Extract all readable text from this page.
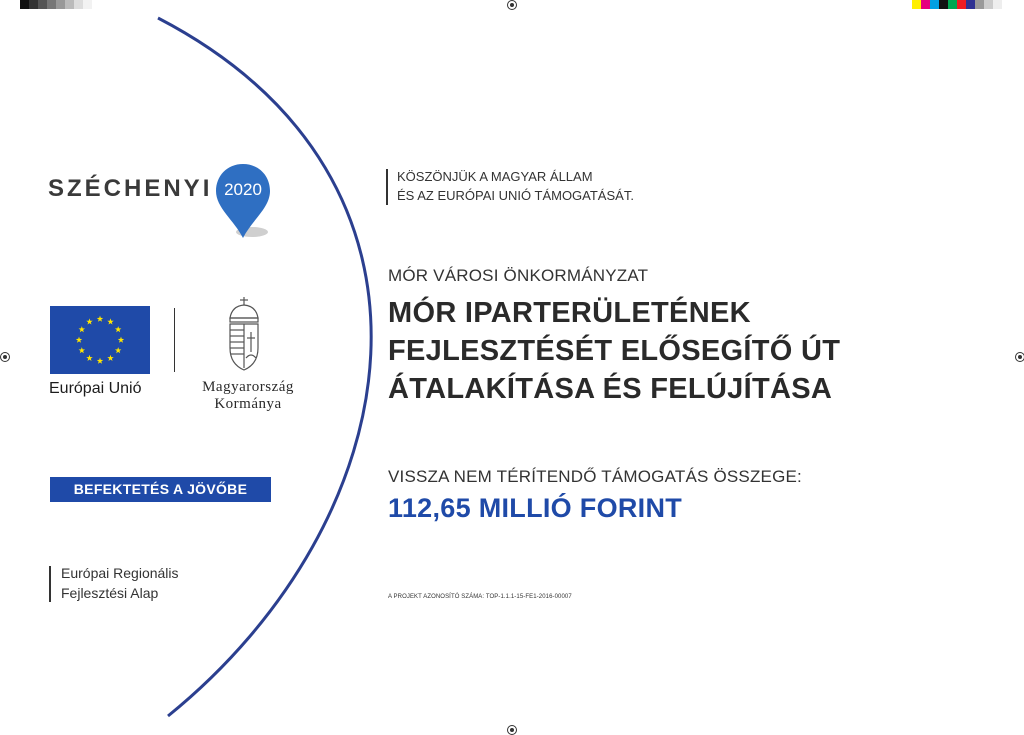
SZÉCHENYI 2020
Európai Unió	Magyarország
Kormánya
BEFEKTETÉS A JÖVŐBE
Európai Regionális
Fejlesztési Alap
KÖSZÖNJÜK A MAGYAR ÁLLAM
ÉS AZ EURÓPAI UNIÓ TÁMOGATÁSÁT.
MÓR VÁROSI ÖNKORMÁNYZAT
MÓR IPARTERÜLETÉNEK
FEJLESZTÉSÉT ELŐSEGÍTŐ ÚT
ÁTALAKÍTÁSA ÉS FELÚJÍTÁSA
VISSZA NEM TÉRÍTENDŐ TÁMOGATÁS ÖSSZEGE:
112,65 MILLIÓ FORINT
A PROJEKT AZONOSÍTÓ SZÁMA: TOP-1.1.1-15-FE1-2016-00007
